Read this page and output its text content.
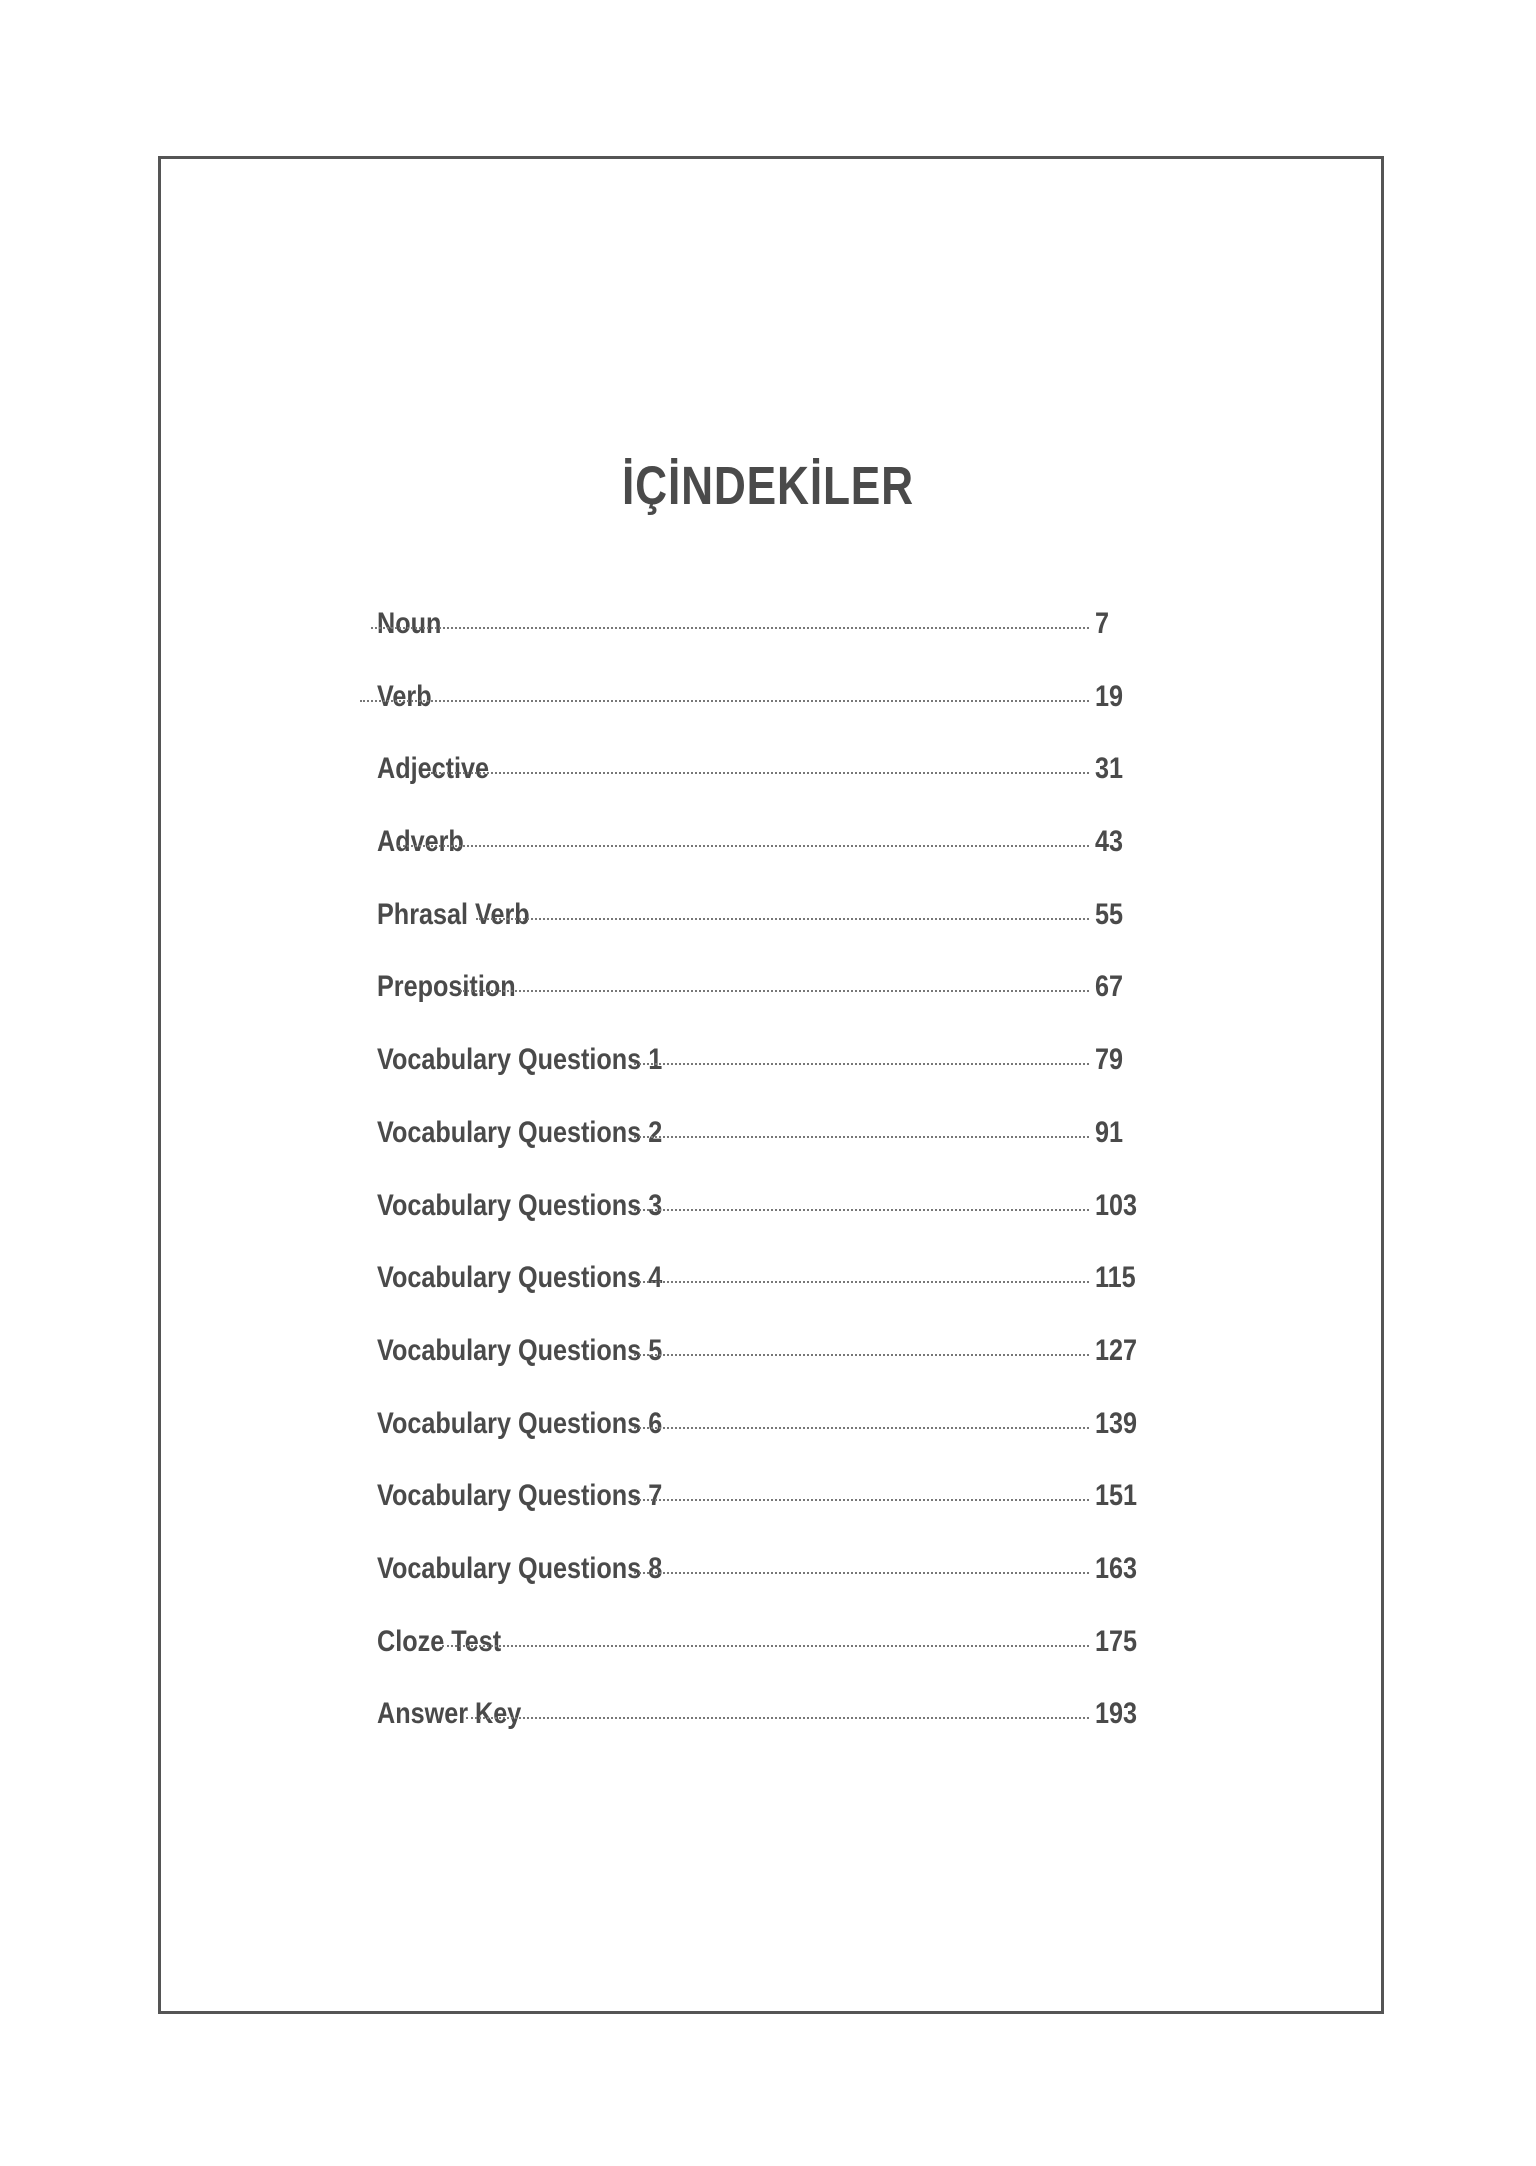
İÇİNDEKİLER
Noun	7
Verb	19
Adjective	31
Adverb	43
Phrasal Verb	55
Preposition	67
Vocabulary Questions 1	79
Vocabulary Questions 2	91
Vocabulary Questions 3	103
Vocabulary Questions 4	115
Vocabulary Questions 5	127
Vocabulary Questions 6	139
Vocabulary Questions 7	151
Vocabulary Questions 8	163
Cloze Test	175
Answer Key	193
